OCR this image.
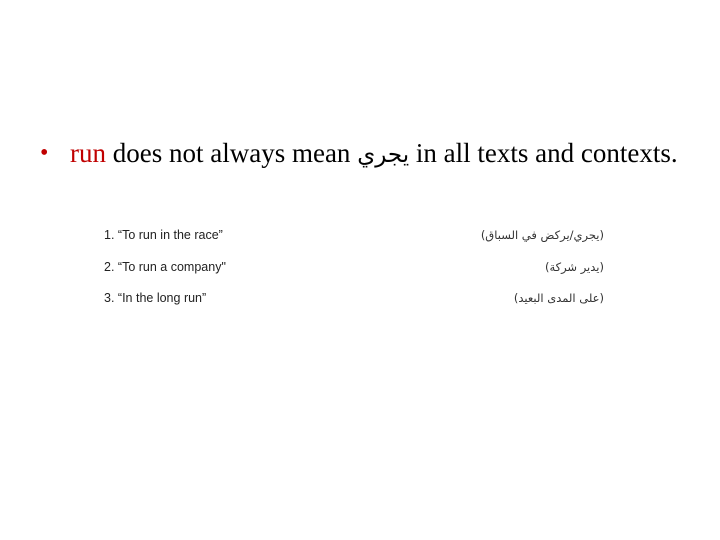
• run does not always mean يجري in all texts and contexts.
1. “To run in the race”	(يجري/يركض في السباق)
2. “To run a company"	(يدير شركة)
3. “In the long run”	(على المدى البعيد)
